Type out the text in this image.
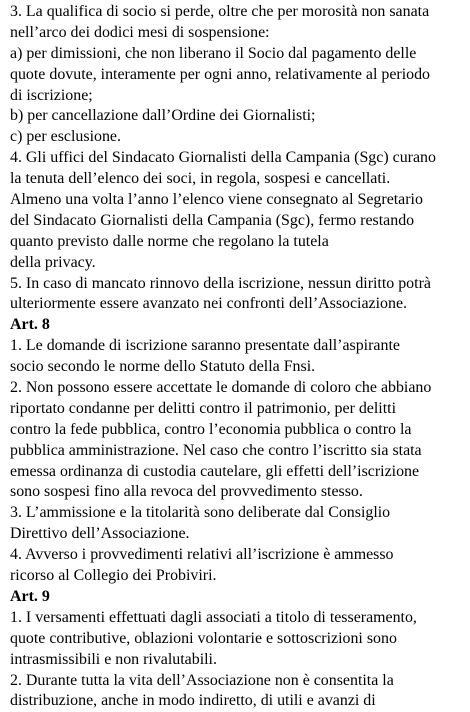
3. La qualifica di socio si perde, oltre che per morosità non sanata
nell’arco dei dodici mesi di sospensione:
a) per dimissioni, che non liberano il Socio dal pagamento delle
quote dovute, interamente per ogni anno, relativamente al periodo
di iscrizione;
b) per cancellazione dall’Ordine dei Giornalisti;
c) per esclusione.
4. Gli uffici del Sindacato Giornalisti della Campania (Sgc) curano
la tenuta dell’elenco dei soci, in regola, sospesi e cancellati.
Almeno una volta l’anno l’elenco viene consegnato al Segretario
del Sindacato Giornalisti della Campania (Sgc), fermo restando
quanto previsto dalle norme che regolano la tutela
della privacy.
5. In caso di mancato rinnovo della iscrizione, nessun diritto potrà
ulteriormente essere avanzato nei confronti dell’Associazione.
Art. 8
1. Le domande di iscrizione saranno presentate dall’aspirante
socio secondo le norme dello Statuto della Fnsi.
2. Non possono essere accettate le domande di coloro che abbiano
riportato condanne per delitti contro il patrimonio, per delitti
contro la fede pubblica, contro l’economia pubblica o contro la
pubblica amministrazione. Nel caso che contro l’iscritto sia stata
emessa ordinanza di custodia cautelare, gli effetti dell’iscrizione
sono sospesi fino alla revoca del provvedimento stesso.
3. L’ammissione e la titolarità sono deliberate dal Consiglio
Direttivo dell’Associazione.
4. Avverso i provvedimenti relativi all’iscrizione è ammesso
ricorso al Collegio dei Probiviri.
Art. 9
1. I versamenti effettuati dagli associati a titolo di tesseramento,
quote contributive, oblazioni volontarie e sottoscrizioni sono
intrasmissibili e non rivalutabili.
2. Durante tutta la vita dell’Associazione non è consentita la
distribuzione, anche in modo indiretto, di utili e avanzi di
